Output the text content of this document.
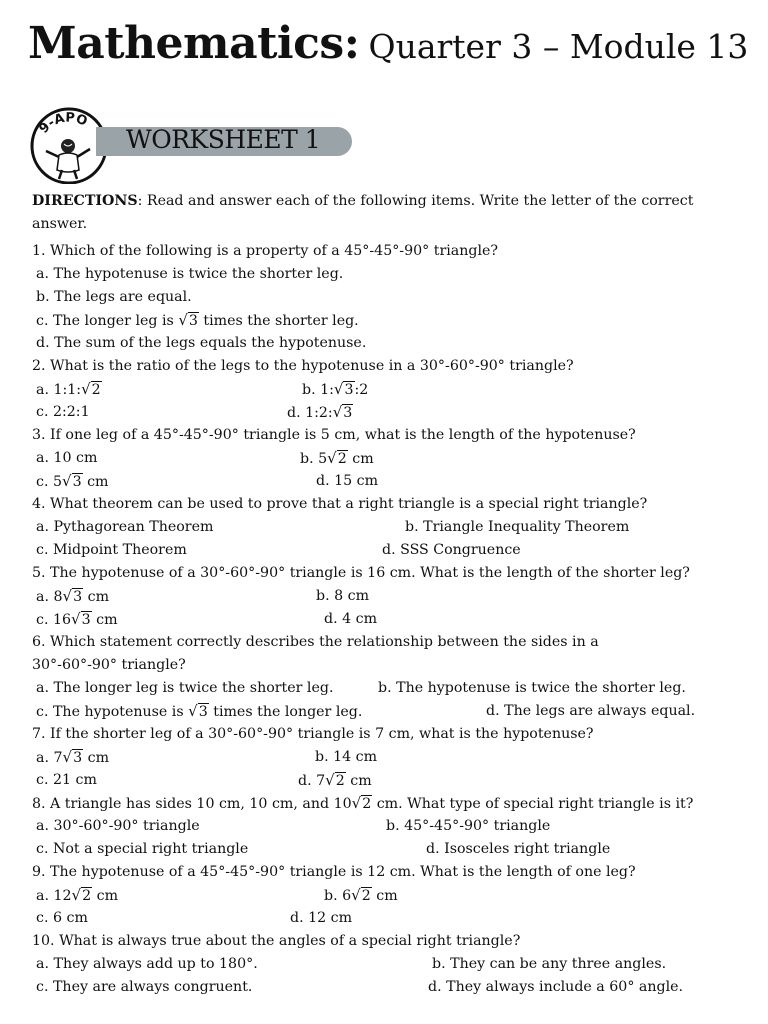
Mathematics: Quarter 3 – Module 13
9-APO
WORKSHEET 1
DIRECTIONS: Read and answer each of the following items. Write the letter of the correct answer.
1. Which of the following is a property of a 45°-45°-90° triangle?
a. The hypotenuse is twice the shorter leg.
b. The legs are equal.
c. The longer leg is √3 times the shorter leg.
d. The sum of the legs equals the hypotenuse.
2. What is the ratio of the legs to the hypotenuse in a 30°-60°-90° triangle?
a. 1:1:√2	b. 1:√3:2
c. 2:2:1	d. 1:2:√3
3. If one leg of a 45°-45°-90° triangle is 5 cm, what is the length of the hypotenuse?
a. 10 cm	b. 5√2 cm
c. 5√3 cm	d. 15 cm
4. What theorem can be used to prove that a right triangle is a special right triangle?
a. Pythagorean Theorem	b. Triangle Inequality Theorem
c. Midpoint Theorem	d. SSS Congruence
5. The hypotenuse of a 30°-60°-90° triangle is 16 cm. What is the length of the shorter leg?
a. 8√3 cm	b. 8 cm
c. 16√3 cm	d. 4 cm
6. Which statement correctly describes the relationship between the sides in a
30°-60°-90° triangle?
a. The longer leg is twice the shorter leg.	b. The hypotenuse is twice the shorter leg.
c. The hypotenuse is √3 times the longer leg.	d. The legs are always equal.
7. If the shorter leg of a 30°-60°-90° triangle is 7 cm, what is the hypotenuse?
a. 7√3 cm	b. 14 cm
c. 21 cm	d. 7√2 cm
8. A triangle has sides 10 cm, 10 cm, and 10√2 cm. What type of special right triangle is it?
a. 30°-60°-90° triangle	b. 45°-45°-90° triangle
c. Not a special right triangle	d. Isosceles right triangle
9. The hypotenuse of a 45°-45°-90° triangle is 12 cm. What is the length of one leg?
a. 12√2 cm	b. 6√2 cm
c. 6 cm	d. 12 cm
10. What is always true about the angles of a special right triangle?
a. They always add up to 180°.	b. They can be any three angles.
c. They are always congruent.	d. They always include a 60° angle.
